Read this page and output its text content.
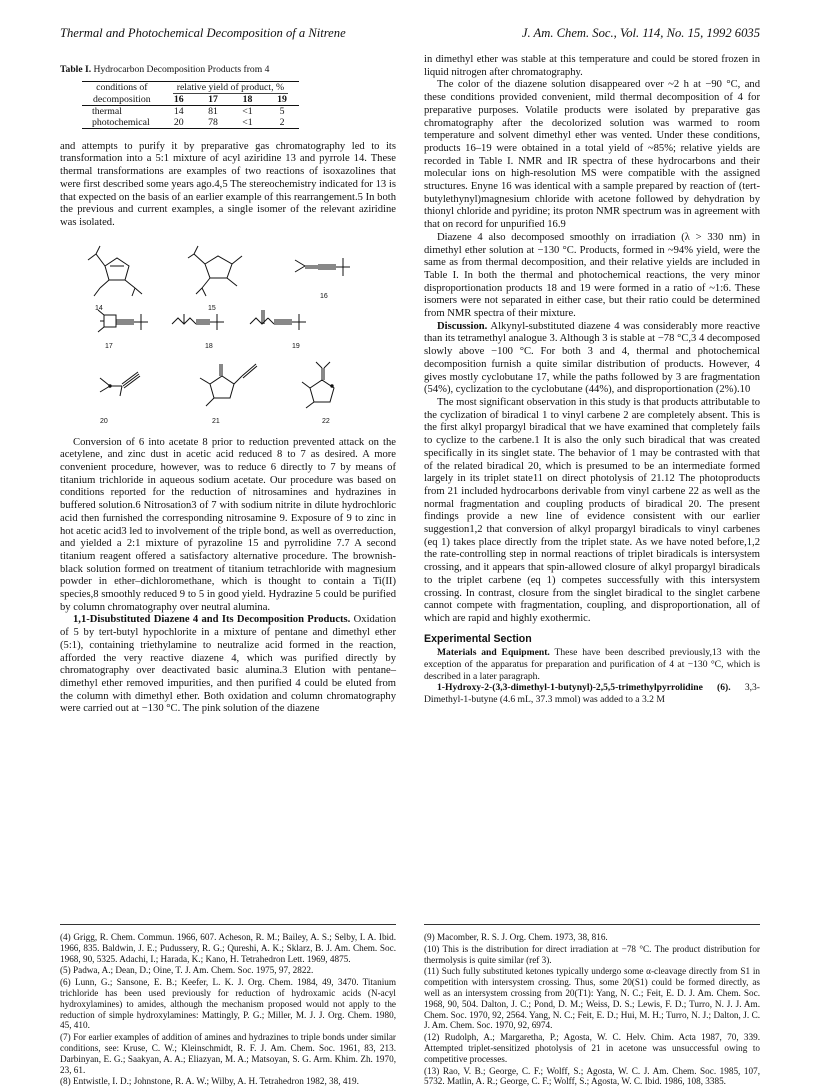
Thermal and Photochemical Decomposition of a Nitrene	J. Am. Chem. Soc., Vol. 114, No. 15, 1992 6035
Table I. Hydrocarbon Decomposition Products from 4
conditions of	relative yield of product, %			
decomposition	16	17	18	19
thermal	14	81	<1	5
photochemical	20	78	<1	2

and attempts to purify it by preparative gas chromatography led to its transformation into a 5:1 mixture of acyl aziridine 13 and pyrrole 14. These thermal transformations are examples of two reactions of isoxazolines that were first described some years ago.4,5 The stereochemistry indicated for 13 is that expected on the basis of an earlier example of this rearrangement.5 In both the previous and current examples, a single isomer of the relevant aziridine was isolated.

14	15
16
17	18	19
20	21	22

Conversion of 6 into acetate 8 prior to reduction prevented attack on the acetylene, and zinc dust in acetic acid reduced 8 to 7 as desired. A more convenient procedure, however, was to reduce 6 directly to 7 by means of titanium trichloride in aqueous sodium acetate. Our procedure was based on conditions reported for the reduction of nitrosamines and hydrazines in buffered solution.6 Nitrosation3 of 7 with sodium nitrite in dilute hydrochloric acid then furnished the corresponding nitrosamine 9. Exposure of 9 to zinc in hot acetic acid3 led to involvement of the triple bond, as well as overreduction, and yielded a 2:1 mixture of pyrazoline 15 and pyrrolidine 7.7 A second titanium reagent offered a satisfactory alternative procedure. The brownish-black solution formed on treatment of titanium tetrachloride with magnesium powder in ether–dichloromethane, which is thought to contain a Ti(II) species,8 smoothly reduced 9 to 5 in good yield. Hydrazine 5 could be purified by column chromatography over neutral alumina.

1,1-Disubstituted Diazene 4 and Its Decomposition Products. Oxidation of 5 by tert-butyl hypochlorite in a mixture of pentane and dimethyl ether (5:1), containing triethylamine to neutralize acid formed in the reaction, afforded the very reactive diazene 4, which was purified directly by chromatography over deactivated basic alumina.3 Elution with pentane–dimethyl ether removed impurities, and then purified 4 could be eluted from the column with dimethyl ether. Both oxidation and column chromatography were carried out at −130 °C. The pink solution of the diazene

in dimethyl ether was stable at this temperature and could be stored frozen in liquid nitrogen after chromatography.

The color of the diazene solution disappeared over ~2 h at −90 °C, and these conditions provided convenient, mild thermal decomposition of 4 for preparative purposes. Volatile products were isolated by preparative gas chromatography after the decolorized solution was warmed to room temperature and solvent dimethyl ether was vented. Under these conditions, products 16–19 were obtained in a total yield of ~85%; relative yields are recorded in Table I. NMR and IR spectra of these hydrocarbons and their molecular ions on high-resolution MS were compatible with the assigned structures. Enyne 16 was identical with a sample prepared by reaction of (tert-butylethynyl)magnesium chloride with acetone followed by dehydration by thionyl chloride and pyridine; its proton NMR spectrum was in agreement with that on record for unpurified 16.9

Diazene 4 also decomposed smoothly on irradiation (λ > 330 nm) in dimethyl ether solution at −130 °C. Products, formed in ~94% yield, were the same as from thermal decomposition, and their relative yields are included in Table I. In both the thermal and photochemical reactions, the very minor disproportionation products 18 and 19 were formed in a ratio of ~1:6. These isomers were not separated in either case, but their ratio could be determined from NMR spectra of their mixture.

Discussion. Alkynyl-substituted diazene 4 was considerably more reactive than its tetramethyl analogue 3. Although 3 is stable at −78 °C,3 4 decomposed slowly above −100 °C. For both 3 and 4, thermal and photochemical decomposition furnish a quite similar distribution of products. However, 4 gives mostly cyclobutane 17, while the paths followed by 3 are fragmentation (54%), cyclization to the cyclobutane (44%), and disproportionation (2%).10

The most significant observation in this study is that products attributable to the cyclization of biradical 1 to vinyl carbene 2 are completely absent. This is the first alkyl propargyl biradical that we have examined that completely fails to cyclize to the carbene.1 It is also the only such biradical that was created specifically in its singlet state. The behavior of 1 may be contrasted with that of the related biradical 20, which is presumed to be an intermediate formed largely in its triplet state11 on direct photolysis of 21.12 The photoproducts from 21 included hydrocarbons derivable from vinyl carbene 22 as well as the normal fragmentation and coupling products of biradical 20. The present findings provide a new line of evidence consistent with our earlier suggestion1,2 that conversion of alkyl propargyl biradicals to vinyl carbenes (eq 1) takes place directly from the triplet state. As we have noted before,1,2 the rate-controlling step in normal reactions of triplet biradicals is intersystem crossing, and it appears that spin-allowed closure of alkyl propargyl biradicals to the triplet carbene (eq 1) competes successfully with this intersystem crossing. In contrast, closure from the singlet biradical to the singlet carbene cannot compete with fragmentation, coupling, and disproportionation, all of which are rapid and highly exothermic.

Experimental Section

Materials and Equipment. These have been described previously,13 with the exception of the apparatus for preparation and purification of 4 at −130 °C, which is described in a later paragraph.

1-Hydroxy-2-(3,3-dimethyl-1-butynyl)-2,5,5-trimethylpyrrolidine (6). 3,3-Dimethyl-1-butyne (4.6 mL, 37.3 mmol) was added to a 3.2 M

(4) Grigg, R. Chem. Commun. 1966, 607. Acheson, R. M.; Bailey, A. S.; Selby, I. A. Ibid. 1966, 835. Baldwin, J. E.; Pudussery, R. G.; Qureshi, A. K.; Sklarz, B. J. Am. Chem. Soc. 1968, 90, 5325. Adachi, I.; Harada, K.; Kano, H. Tetrahedron Lett. 1969, 4875.
(5) Padwa, A.; Dean, D.; Oine, T. J. Am. Chem. Soc. 1975, 97, 2822.
(6) Lunn, G.; Sansone, E. B.; Keefer, L. K. J. Org. Chem. 1984, 49, 3470. Titanium trichloride has been used previously for reduction of hydroxamic acids (N-acyl hydroxylamines) to amides, although the mechanism proposed would not apply to the reduction of simple hydroxylamines: Mattingly, P. G.; Miller, M. J. J. Org. Chem. 1980, 45, 410.
(7) For earlier examples of addition of amines and hydrazines to triple bonds under similar conditions, see: Kruse, C. W.; Kleinschmidt, R. F. J. Am. Chem. Soc. 1961, 83, 213. Darbinyan, E. G.; Saakyan, A. A.; Eliazyan, M. A.; Matsoyan, S. G. Arm. Khim. Zh. 1970, 23, 61.
(8) Entwistle, I. D.; Johnstone, R. A. W.; Wilby, A. H. Tetrahedron 1982, 38, 419.
(9) Macomber, R. S. J. Org. Chem. 1973, 38, 816.
(10) This is the distribution for direct irradiation at −78 °C. The product distribution for thermolysis is quite similar (ref 3).
(11) Such fully substituted ketones typically undergo some α-cleavage directly from S1 in competition with intersystem crossing. Thus, some 20(S1) could be formed directly, as well as an intersystem crossing from 20(T1): Yang, N. C.; Feit, E. D. J. Am. Chem. Soc. 1968, 90, 504. Dalton, J. C.; Pond, D. M.; Weiss, D. S.; Lewis, F. D.; Turro, N. J. J. Am. Chem. Soc. 1970, 92, 2564. Yang, N. C.; Feit, E. D.; Hui, M. H.; Turro, N. J.; Dalton, J. C. J. Am. Chem. Soc. 1970, 92, 6974.
(12) Rudolph, A.; Margaretha, P.; Agosta, W. C. Helv. Chim. Acta 1987, 70, 339. Attempted triplet-sensitized photolysis of 21 in acetone was unsuccessful owing to competitive processes.
(13) Rao, V. B.; George, C. F.; Wolff, S.; Agosta, W. C. J. Am. Chem. Soc. 1985, 107, 5732. Matlin, A. R.; George, C. F.; Wolff, S.; Agosta, W. C. Ibid. 1986, 108, 3385.
